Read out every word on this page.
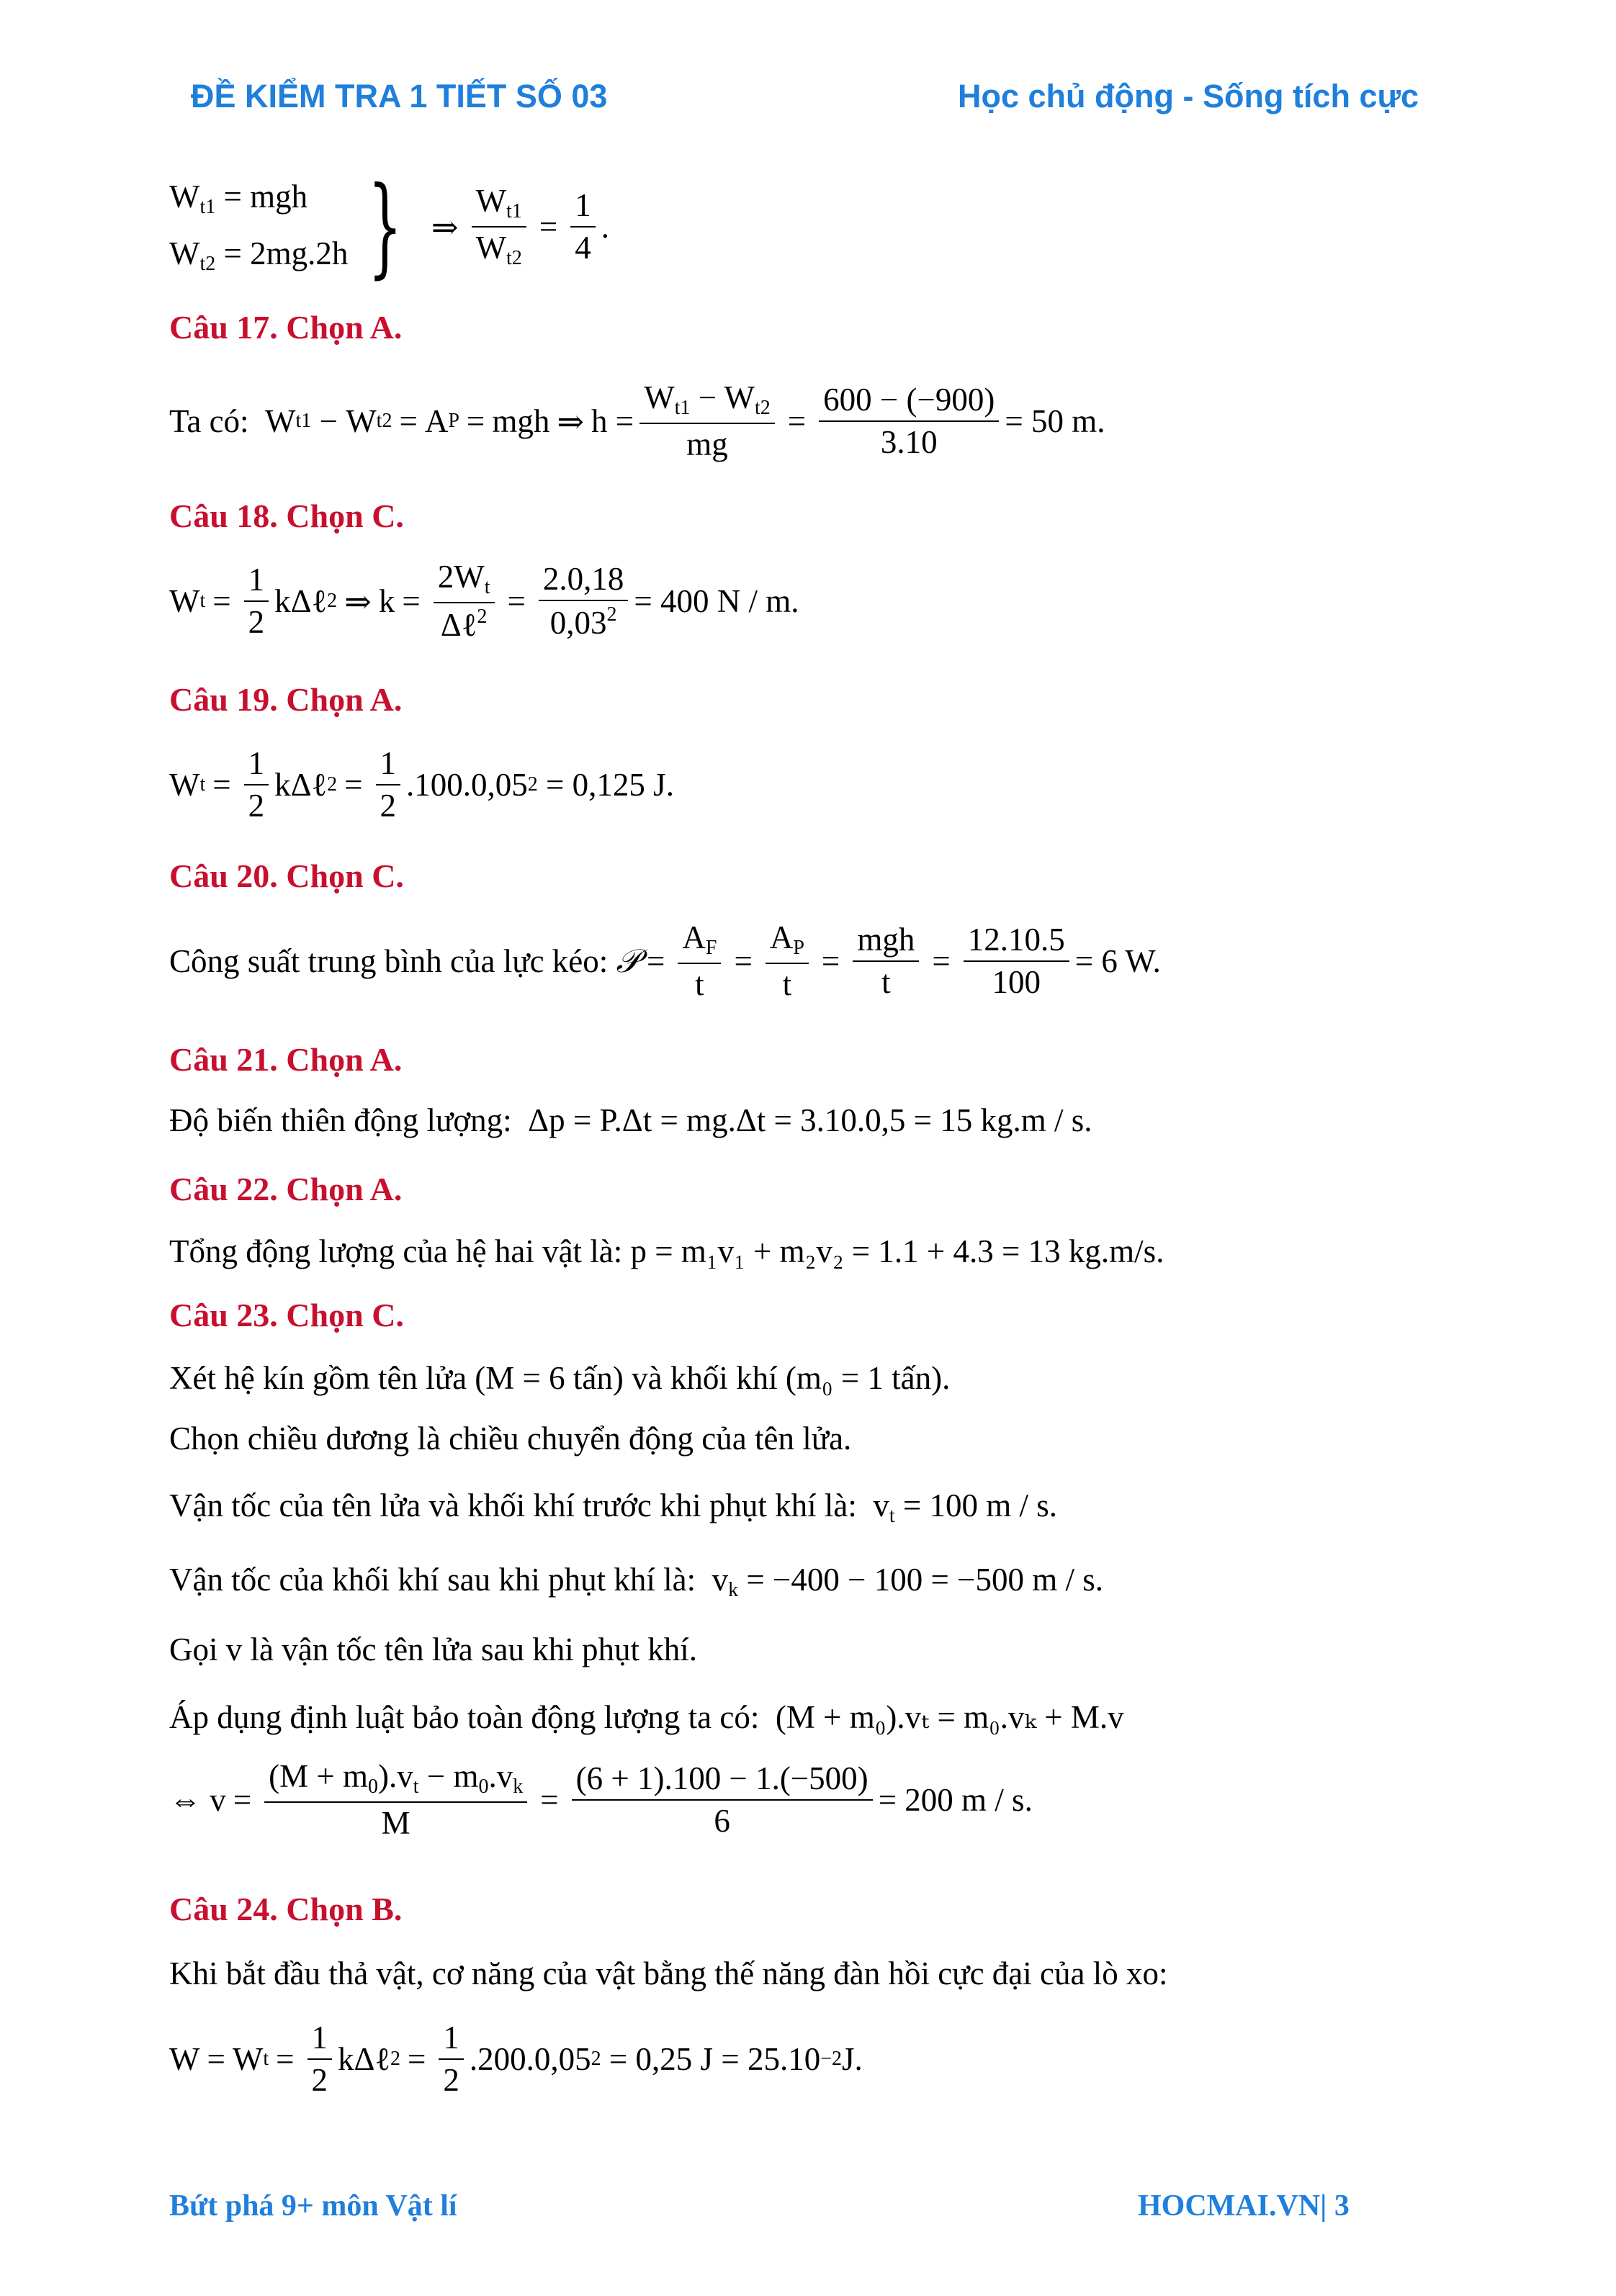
ĐỀ KIỂM TRA 1 TIẾT SỐ 03	Học chủ động - Sống tích cực
$W_{t1}$ = mgh
$W_{t2} = 2mg.2h$ } ⇒ $\frac{W_{t1}}{W_{t2}} = \frac{1}{4}$ .
Câu 17. Chọn A.
Ta có: W t1 − W t2 = A P = mgh ⇒ $h = \frac{W_{t1} - W_{t2}}{mg} = \frac{600 - (-900)}{3.10} = 50$ m.
Câu 18. Chọn C.
W $t = \frac{1}{2}$ kΔℓ 2 ⇒ k =
$2W_t$
Δℓ$^2$ = $\frac{2.0,18}{0,03^2} = 400$ N / m.
Câu 19. Chọn A.
W $t = \frac{1}{2}$ kΔℓ $2 = \frac{1}{2} .100.0,05$ 2
= 0,125 J.
Câu 20. Chọn C.
Công suất trung bình của lực kéo:
𝒫 = $\frac{A_F}{t} = \frac{A_P}{t}$ =
mgh
t
= $\frac{12.10.5}{100} = 6$ W.
Câu 21. Chọn A.
Độ biến thiên động lượng: Δp = P.Δt = mg.Δt = 3.10.0,5 = 15 kg.m / s.
Câu 22. Chọn A.
Tổng động lượng của hệ hai vật là: p = m₁v₁ + m₂v₂ = 1.1 + 4.3 = 13 kg.m/s.
Câu 23. Chọn C.
Xét hệ kín gồm tên lửa (M = 6 tấn) và khối khí (m₀ = 1 tấn).
Chọn chiều dương là chiều chuyển động của tên lửa.
Vận tốc của tên lửa và khối khí trước khi phụt khí là:  $v_t = 100$ m / s.
Vận tốc của khối khí sau khi phụt khí là:  $v_k = -400 - 100 = -500$ m / s.
Gọi v là vận tốc tên lửa sau khi phụt khí.
Áp dụng định luật bảo toàn động lượng ta có: (M + m₀).vₜ = m₀.vₖ + M.v
⇔ $v = \frac{(M + m_0).v_t - m_0.v_k}{M} = \frac{(6 + 1).100 - 1.(-500)}{6} = 200$ m / s.
Câu 24. Chọn B.
Khi bắt đầu thả vật, cơ năng của vật bằng thế năng đàn hồi cực đại của lò xo:
W = W $t = \frac{1}{2}$ kΔℓ $2 = \frac{1}{2} .200.0,05$ 2
= 0,25 J = 25.10 −2 J.
Bứt phá 9+ môn Vật lí	HOCMAI.VN| 3
